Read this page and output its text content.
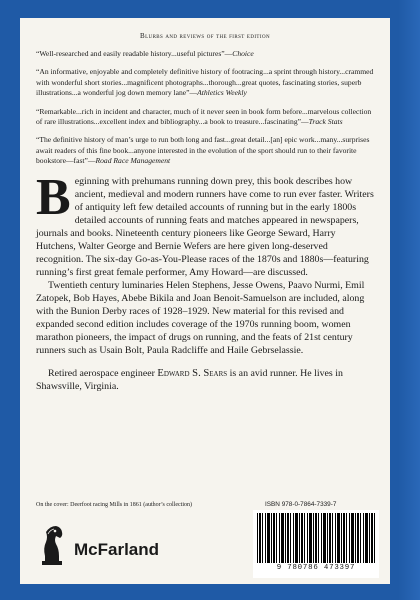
Blurbs and reviews of the first edition
“Well-researched and easily readable history...useful pictures”—Choice
“An informative, enjoyable and completely definitive history of footracing...a sprint through history...crammed with wonderful short stories...magnificent photographs...thorough...great quotes, fascinating stories, superb illustrations...a wonderful jog down memory lane”—Athletics Weekly
“Remarkable...rich in incident and character, much of it never seen in book form before...marvelous collection of rare illustrations...excellent index and bibliography...a book to treasure...fascinating”—Track Stats
“The definitive history of man’s urge to run both long and fast...great detail...[an] epic work...many...surprises await readers of this fine book...anyone interested in the evolution of the sport should run to their favorite bookstore—fast”—Road Race Management

Beginning with prehumans running down prey, this book describes how ancient, medieval and modern runners have come to run ever faster. Writers of antiquity left few detailed accounts of running but in the early 1800s detailed accounts of running feats and matches appeared in newspapers, journals and books. Nineteenth century pioneers like George Seward, Harry Hutchens, Walter George and Bernie Wefers are here given long-deserved recognition. The six-day Go-as-You-Please races of the 1870s and 1880s—featuring running’s first great female performer, Amy Howard—are discussed.

Twentieth century luminaries Helen Stephens, Jesse Owens, Paavo Nurmi, Emil Zatopek, Bob Hayes, Abebe Bikila and Joan Benoit-Samuelson are included, along with the Bunion Derby races of 1928–1929. New material for this revised and expanded second edition includes coverage of the 1970s running boom, women marathon pioneers, the impact of drugs on running, and the feats of 21st century runners such as Usain Bolt, Paula Radcliffe and Haile Gebrselassie.

Retired aerospace engineer Edward S. Sears is an avid runner. He lives in Shawsville, Virginia.

On the cover: Deerfoot racing Mills in 1861 (author’s collection)
McFarland
ISBN 978-0-7864-7339-7
9 780786 473397
